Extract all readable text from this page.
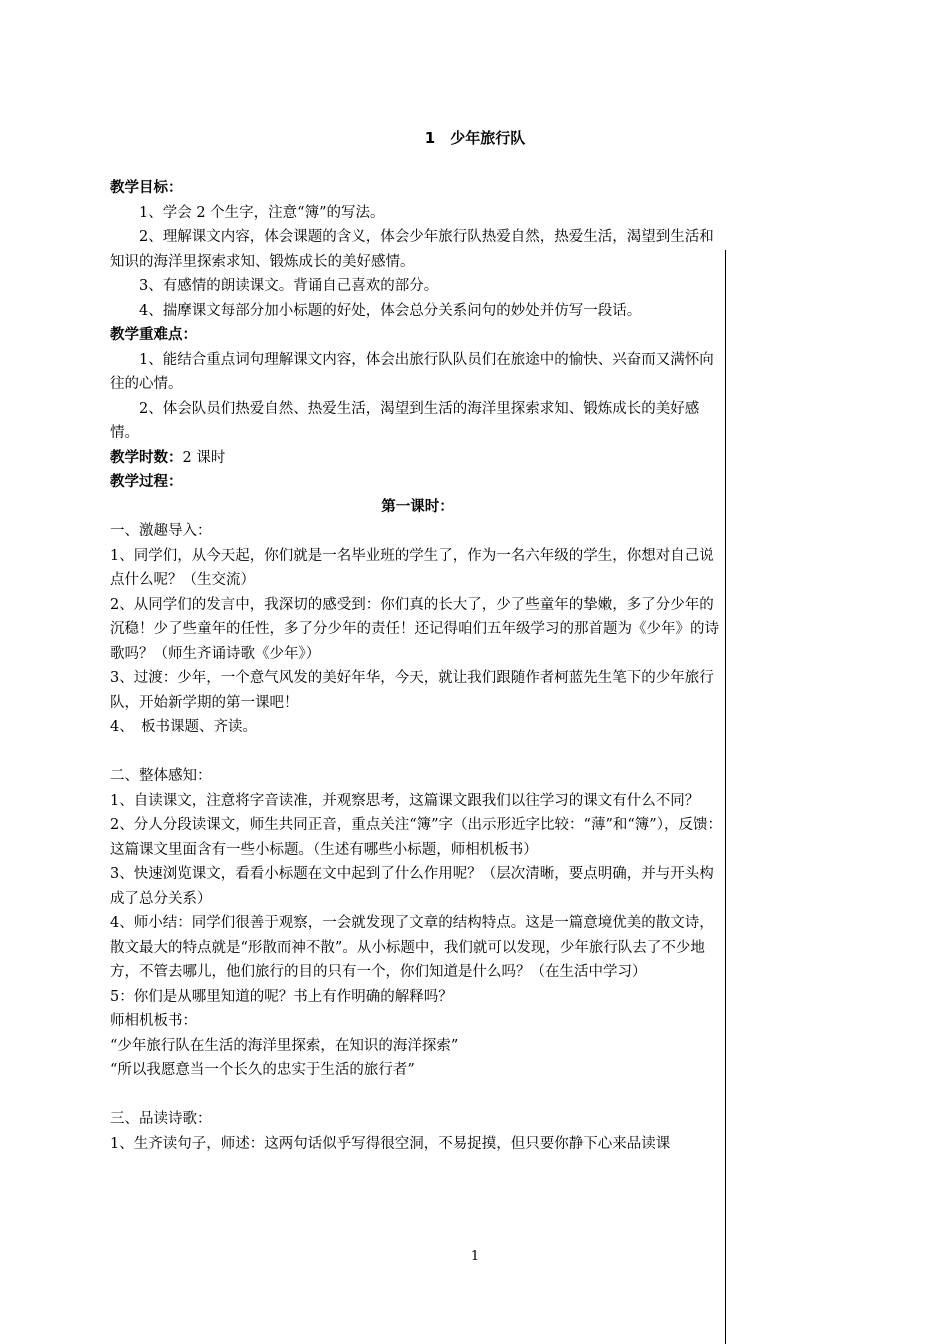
1　少年旅行队

教学目标：

1、学会 2 个生字，注意“簿”的写法。

2、理解课文内容，体会课题的含义，体会少年旅行队热爱自然，热爱生活，渴望到生活和知识的海洋里探索求知、锻炼成长的美好感情。

3、有感情的朗读课文。背诵自己喜欢的部分。

4、揣摩课文每部分加小标题的好处，体会总分关系问句的妙处并仿写一段话。

教学重难点：

1、能结合重点词句理解课文内容，体会出旅行队队员们在旅途中的愉快、兴奋而又满怀向往的心情。

2、体会队员们热爱自然、热爱生活，渴望到生活的海洋里探索求知、锻炼成长的美好感情。

教学时数：2 课时

教学过程：

第一课时：

一、激趣导入：

1、同学们，从今天起，你们就是一名毕业班的学生了，作为一名六年级的学生，你想对自己说点什么呢？（生交流）

2、从同学们的发言中，我深切的感受到：你们真的长大了，少了些童年的挚嫩，多了分少年的沉稳！少了些童年的任性，多了分少年的责任！还记得咱们五年级学习的那首题为《少年》的诗歌吗？（师生齐诵诗歌《少年》）

3、过渡：少年，一个意气风发的美好年华，今天，就让我们跟随作者柯蓝先生笔下的少年旅行队，开始新学期的第一课吧！

4、　板书课题、齐读。

二、整体感知：

1、自读课文，注意将字音读准，并观察思考，这篇课文跟我们以往学习的课文有什么不同？

2、分人分段读课文，师生共同正音，重点关注“簿”字（出示形近字比较：“薄”和“簿”），反馈：这篇课文里面含有一些小标题。（生述有哪些小标题，师相机板书）

3、快速浏览课文，看看小标题在文中起到了什么作用呢？（层次清晰，要点明确，并与开头构成了总分关系）

4、师小结：同学们很善于观察，一会就发现了文章的结构特点。这是一篇意境优美的散文诗，散文最大的特点就是“形散而神不散”。从小标题中，我们就可以发现，少年旅行队去了不少地方，不管去哪儿，他们旅行的目的只有一个，你们知道是什么吗？（在生活中学习）

5：你们是从哪里知道的呢？书上有作明确的解释吗？

师相机板书：

“少年旅行队在生活的海洋里探索，在知识的海洋探索”

“所以我愿意当一个长久的忠实于生活的旅行者”

三、品读诗歌：

1、生齐读句子，师述：这两句话似乎写得很空洞，不易捉摸，但只要你静下心来品读课

1
